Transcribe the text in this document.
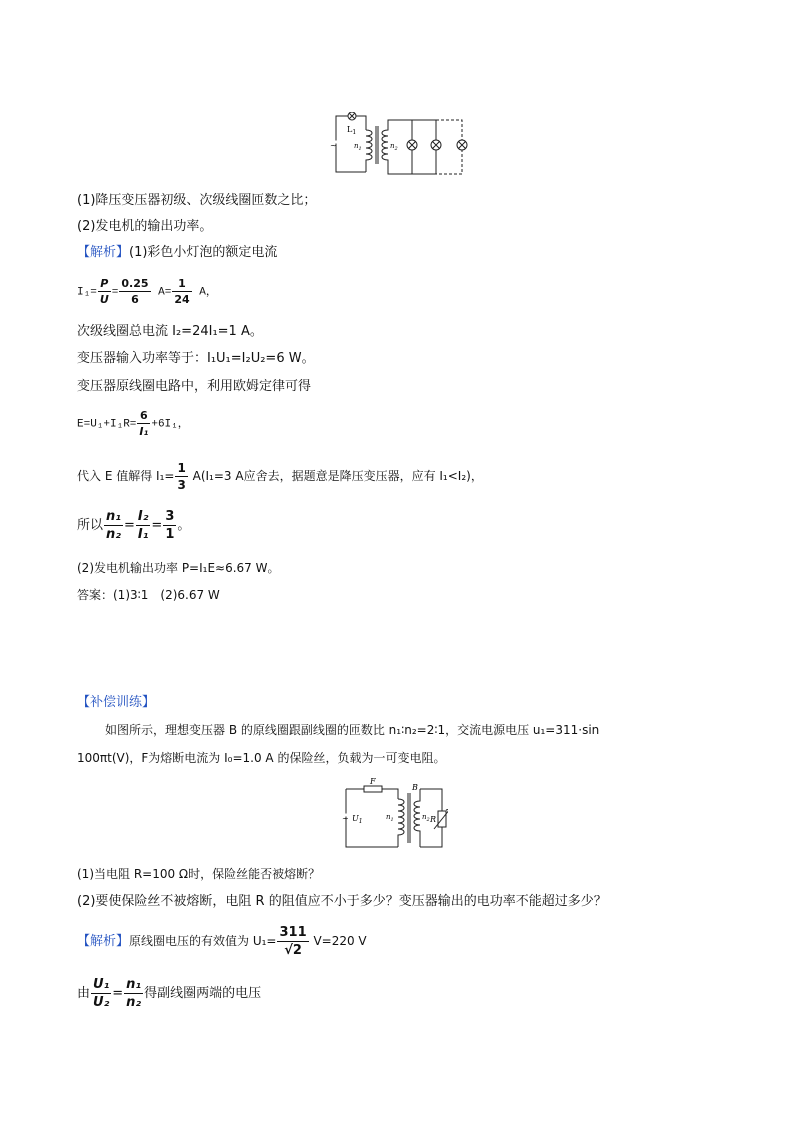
~
$L_1$
$n_1$	$n_2$
(1)降压变压器初级、次级线圈匝数之比；
(2)发电机的输出功率。
【解析】(1)彩色小灯泡的额定电流
$I_1= \frac{P}{U} = \frac{0.25}{6} A= \frac{1}{24}$ A，
次级线圈总电流 I₂=24I₁=1 A。
变压器输入功率等于：I₁U₁=I₂U₂=6 W。
变压器原线圈电路中，利用欧姆定律可得
$E=U_1+I_1R= \frac{6}{\text{I₁}} +6I_1$，
代入 E 值解得 $I_1= \frac{1}{3} A(I_1=3$ A应舍去，据题意是降压变压器，应有 I₁<I₂)，
所以 $\frac{\text{n₁}}{\text{n₂}} = \frac{\text{I₂}}{\text{I₁}} = \frac{3}{1}$ 。
(2)发电机输出功率 P=I₁E≈6.67 W。
答案：(1)3∶1　(2)6.67 W
【补偿训练】
如图所示，理想变压器 B 的原线圈跟副线圈的匝数比 n₁∶n₂=2∶1，交流电源电压 u₁=311·sin
100πt(V)，F为熔断电流为 I₀=1.0 A 的保险丝，负载为一可变电阻。
F
B
~ $U_1$
$n_1$	$n_2$ R
(1)当电阻 R=100 Ω时，保险丝能否被熔断？
(2)要使保险丝不被熔断，电阻 R 的阻值应不小于多少？变压器输出的电功率不能超过多少？
【解析】原线圈电压的有效值为 $U_1= \frac{311}{√2} V=220$ V
由 $\frac{\text{U₁}}{\text{U₂}} = \frac{\text{n₁}}{\text{n₂}}$ 得副线圈两端的电压
